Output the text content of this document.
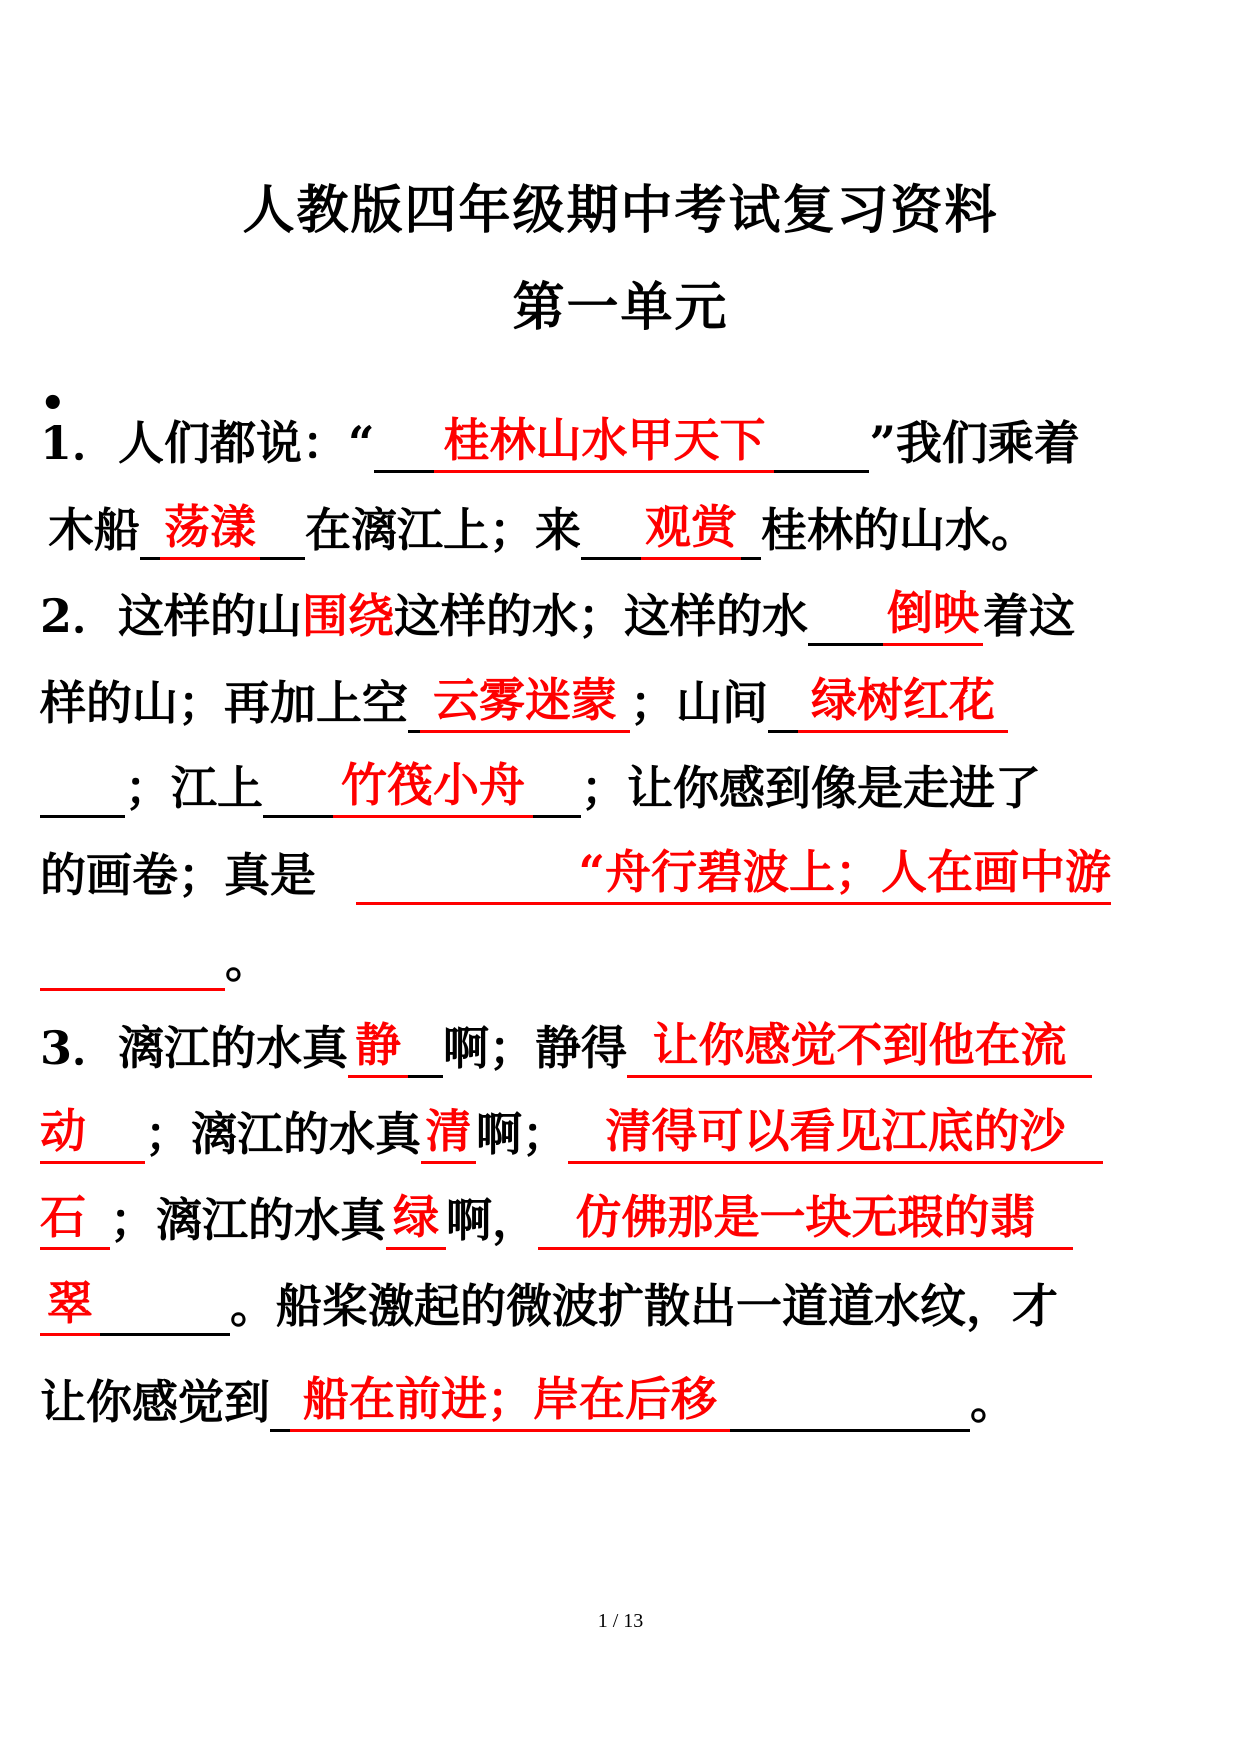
人教版四年级期中考试复习资料
第一单元
•
1．人们都说：“ 桂林山水甲天下 ”我们乘着
木船 荡漾 在漓江上；来 观赏 桂林的山水。
2．这样的山围绕这样的水；这样的水 倒映着这
样的山；再加上空 云雾迷蒙 ；山间 绿树红花
；江上 竹筏小舟 ；让你感到像是走进了
的画卷；真是	“舟行碧波上；人在画中游
。
3．漓江的水真 静 啊；静得 让你感觉不到他在流
动 ；漓江的水真清啊； 清得可以看见江底的沙
石 ；漓江的水真 绿 啊， 仿佛那是一块无瑕的翡
翠	。船桨激起的微波扩散出一道道水纹，才
让你感觉到 船在前进；岸在后移	。
1 / 13
